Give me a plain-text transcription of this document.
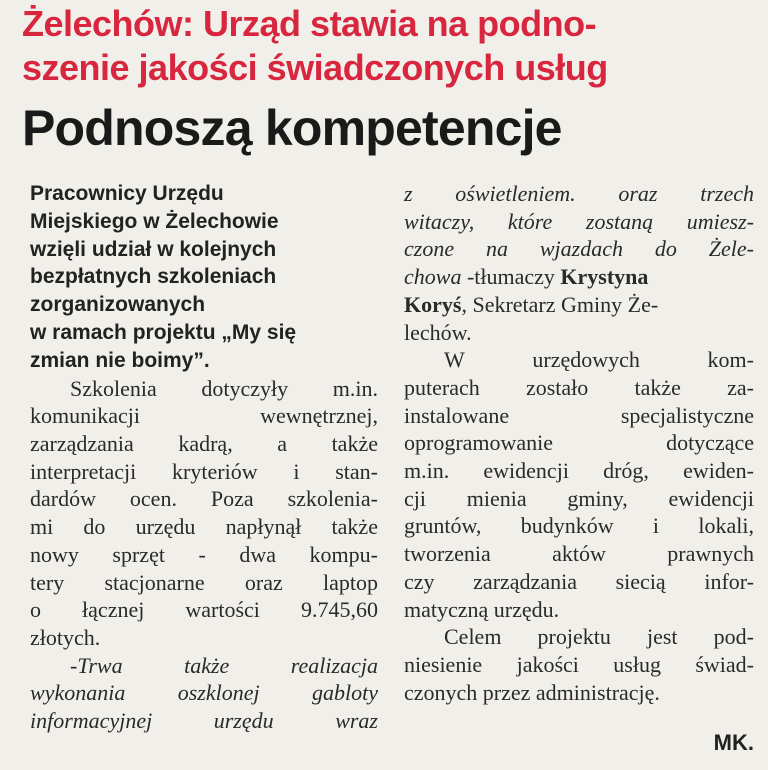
Żelechów: Urząd stawia na podno-
szenie jakości świadczonych usług
Podnoszą kompetencje
Pracownicy Urzędu
Miejskiego w Żelechowie
wzięli udział w kolejnych
bezpłatnych szkoleniach
zorganizowanych
w ramach projektu „My się
zmian nie boimy”.
Szkolenia dotyczyły m.in.
komunikacji	wewnętrznej,
zarządzania kadrą, a także
interpretacji kryteriów i stan-
dardów ocen. Poza szkolenia-
mi do urzędu napłynął także
nowy sprzęt - dwa kompu-
tery stacjonarne oraz laptop
o łącznej wartości 9.745,60
złotych.
-Trwa	także	realizacja
wykonania oszklonej gabloty
informacyjnej	urzędu	wraz
z oświetleniem. oraz trzech
witaczy, które zostaną umiesz-
czone na wjazdach do Żele-
chowa -tłumaczy Krystyna
Koryś , Sekretarz Gminy Że-
lechów.
W	urzędowych	kom-
puterach zostało także za-
instalowane	specjalistyczne
oprogramowanie	dotyczące
m.in. ewidencji dróg, ewiden-
cji mienia gminy, ewidencji
gruntów, budynków i lokali,
tworzenia	aktów	prawnych
czy zarządzania siecią infor-
matyczną urzędu.
Celem projektu jest pod-
niesienie jakości usług świad-
czonych przez administrację.
MK.
